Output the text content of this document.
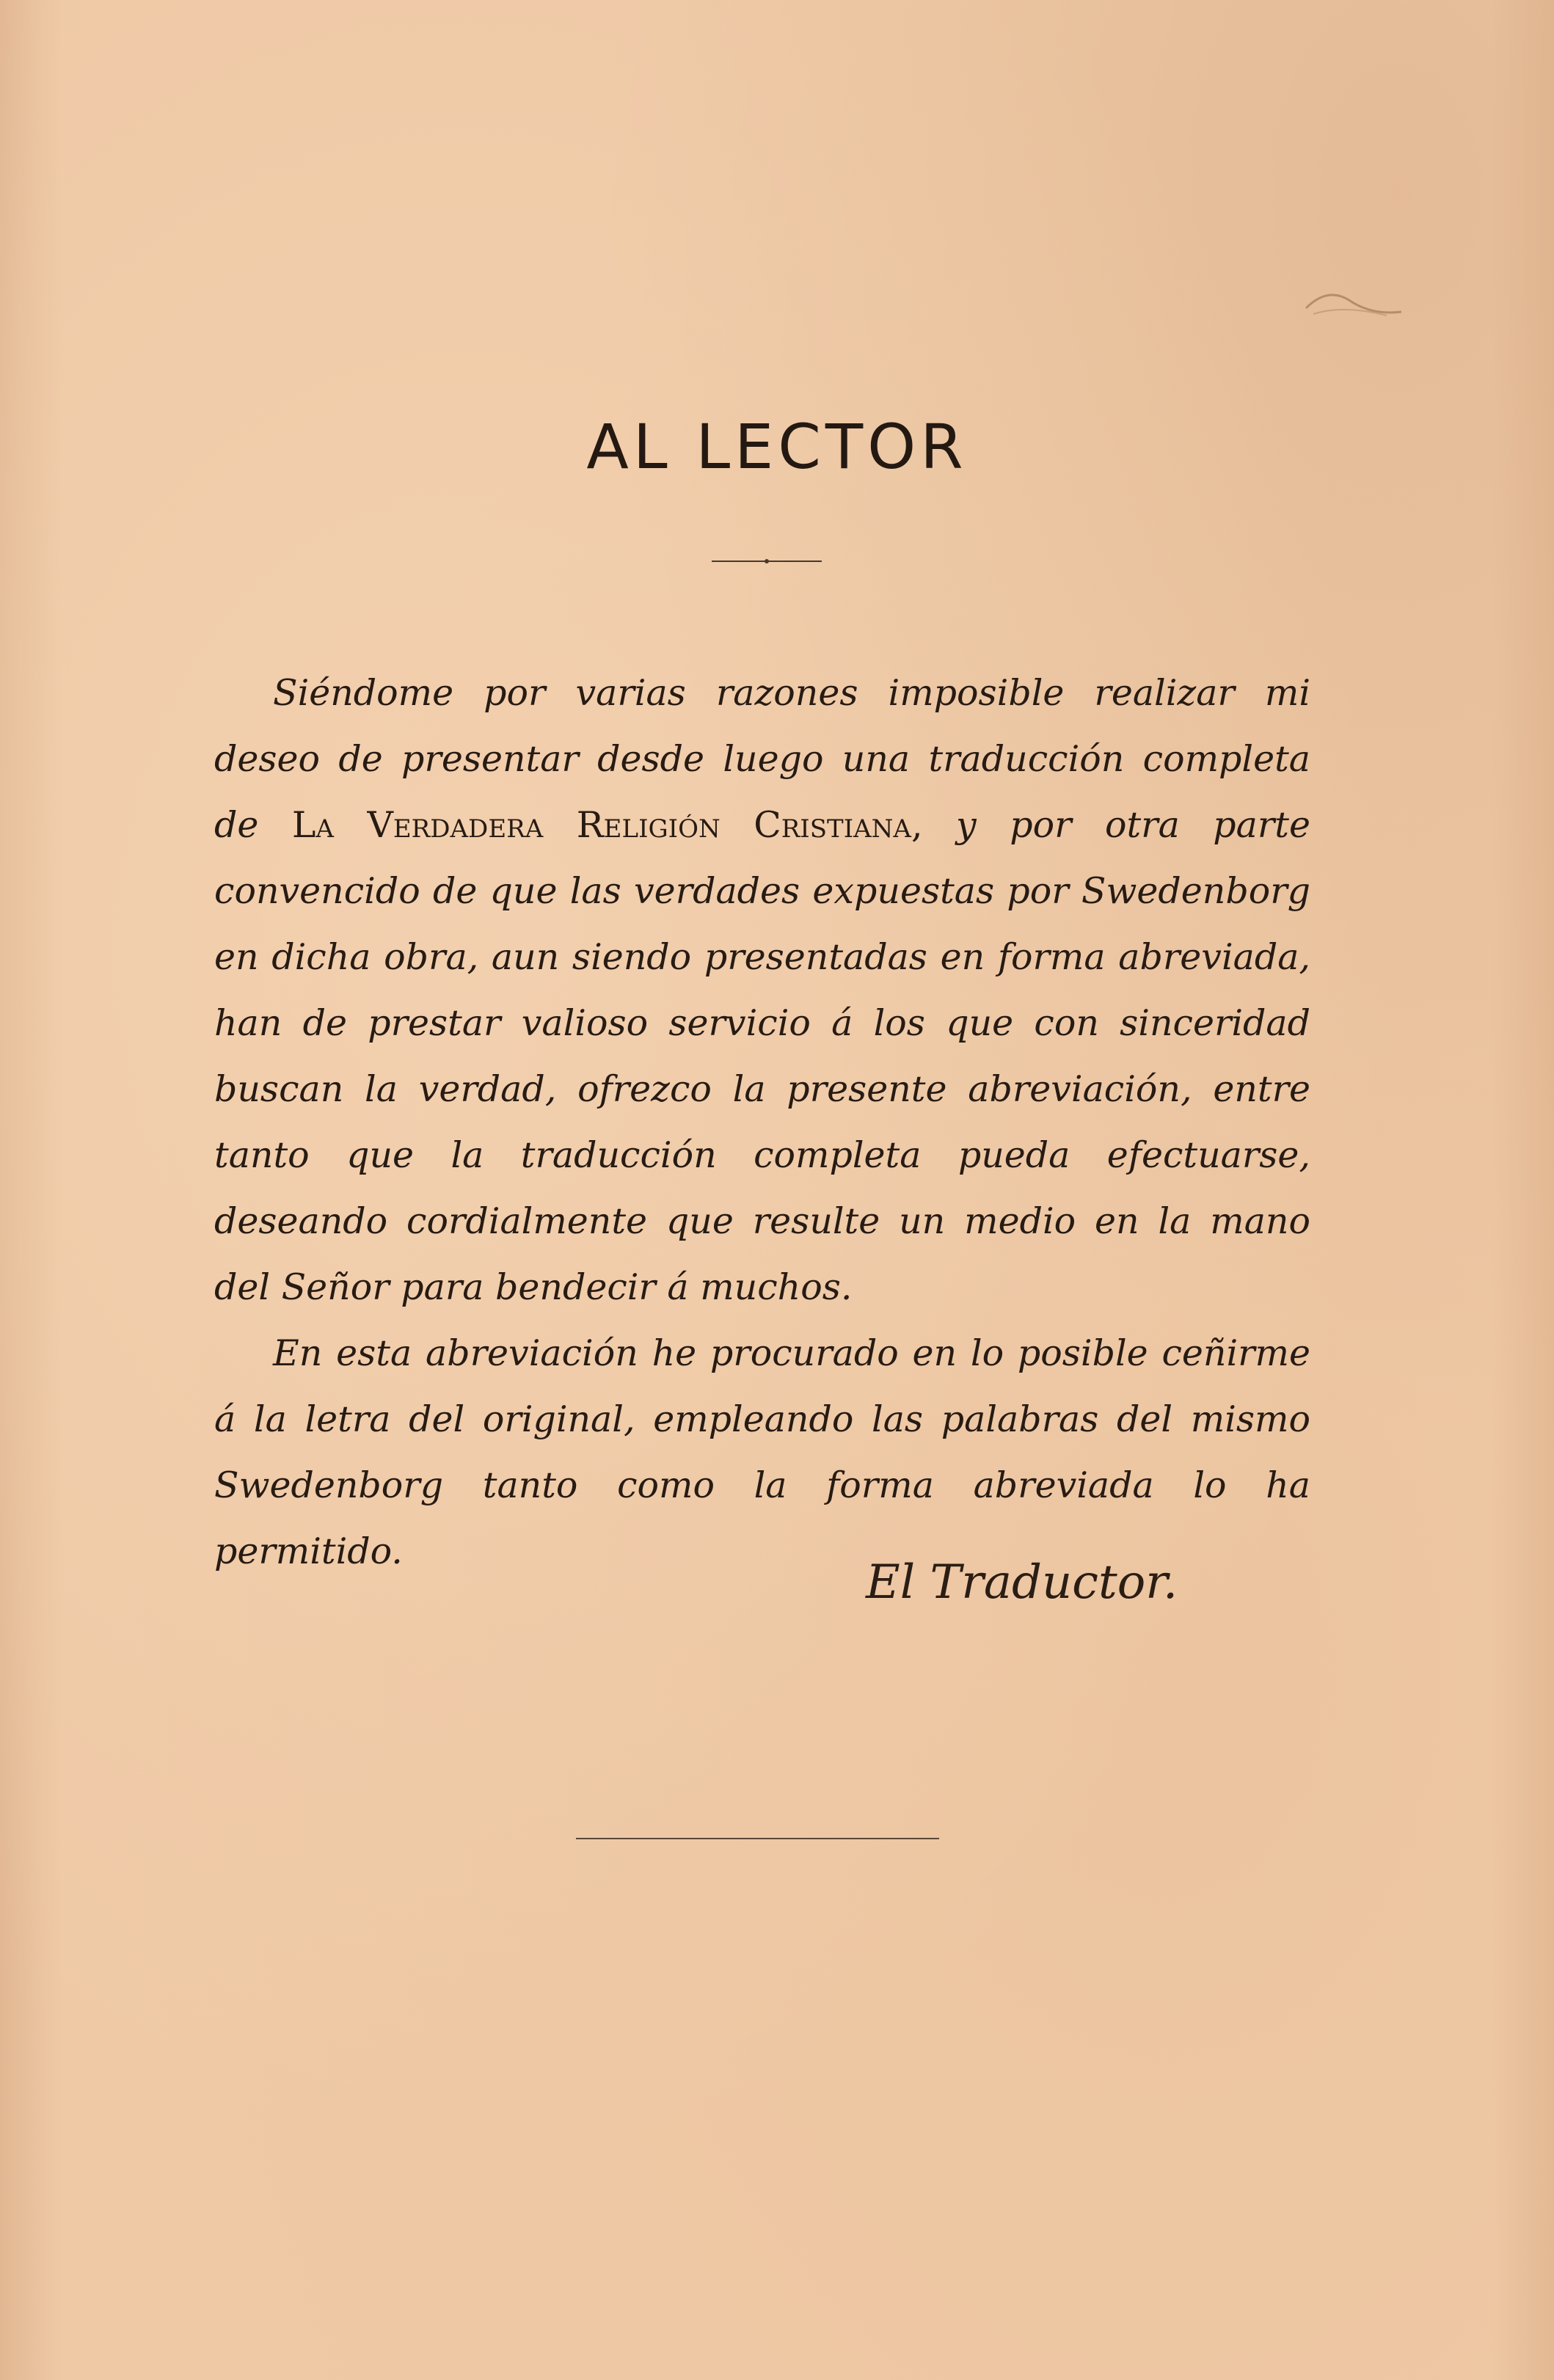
AL LECTOR

Siéndome por varias razones imposible realizar mi deseo de presentar desde luego una traducción completa de La Verdadera Religión Cristiana, y por otra parte convencido de que las verdades expuestas por Swedenborg en dicha obra, aun siendo presentadas en forma abreviada, han de prestar valioso servicio á los que con sinceridad buscan la verdad, ofrezco la presente abreviación, entre tanto que la traducción completa pueda efectuarse, deseando cordialmente que resulte un medio en la mano del Señor para bendecir á muchos.

En esta abreviación he procurado en lo posible ceñirme á la letra del original, empleando las palabras del mismo Swedenborg tanto como la forma abreviada lo ha permitido.

El Traductor.
